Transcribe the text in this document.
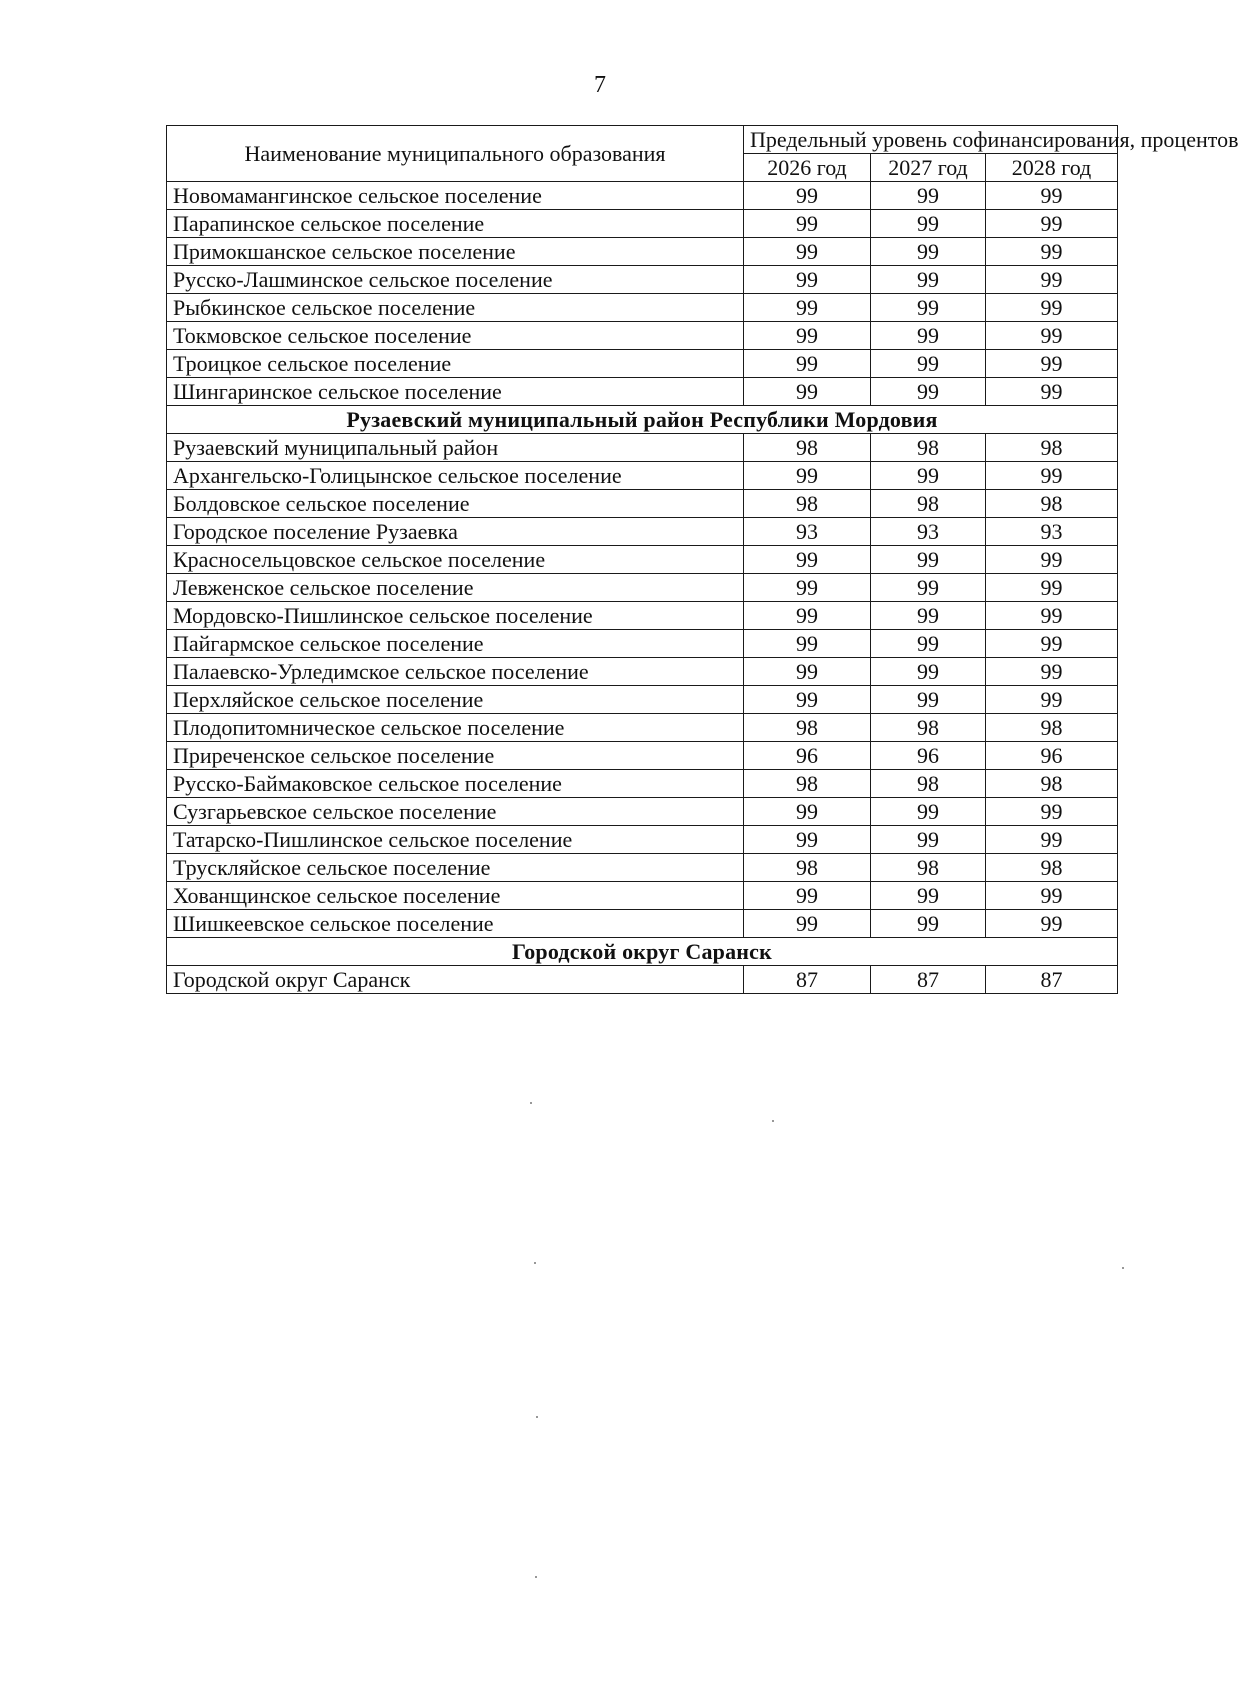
7
Наименование муниципального образования	Предельный уровень софинансирования, процентов		
	2026 год	2027 год	2028 год
Новомамангинское сельское поселение	99	99	99
Парапинское сельское поселение	99	99	99
Примокшанское сельское поселение	99	99	99
Русско-Лашминское сельское поселение	99	99	99
Рыбкинское сельское поселение	99	99	99
Токмовское сельское поселение	99	99	99
Троицкое сельское поселение	99	99	99
Шингаринское сельское поселение	99	99	99
Рузаевский муниципальный район Республики Мордовия			
Рузаевский муниципальный район	98	98	98
Архангельско-Голицынское сельское поселение	99	99	99
Болдовское сельское поселение	98	98	98
Городское поселение Рузаевка	93	93	93
Красносельцовское сельское поселение	99	99	99
Левженское сельское поселение	99	99	99
Мордовско-Пишлинское сельское поселение	99	99	99
Пайгармское сельское поселение	99	99	99
Палаевско-Урледимское сельское поселение	99	99	99
Перхляйское сельское поселение	99	99	99
Плодопитомническое сельское поселение	98	98	98
Приреченское сельское поселение	96	96	96
Русско-Баймаковское сельское поселение	98	98	98
Сузгарьевское сельское поселение	99	99	99
Татарско-Пишлинское сельское поселение	99	99	99
Трускляйское сельское поселение	98	98	98
Хованщинское сельское поселение	99	99	99
Шишкеевское сельское поселение	99	99	99
Городской округ Саранск			
Городской округ Саранск	87	87	87
